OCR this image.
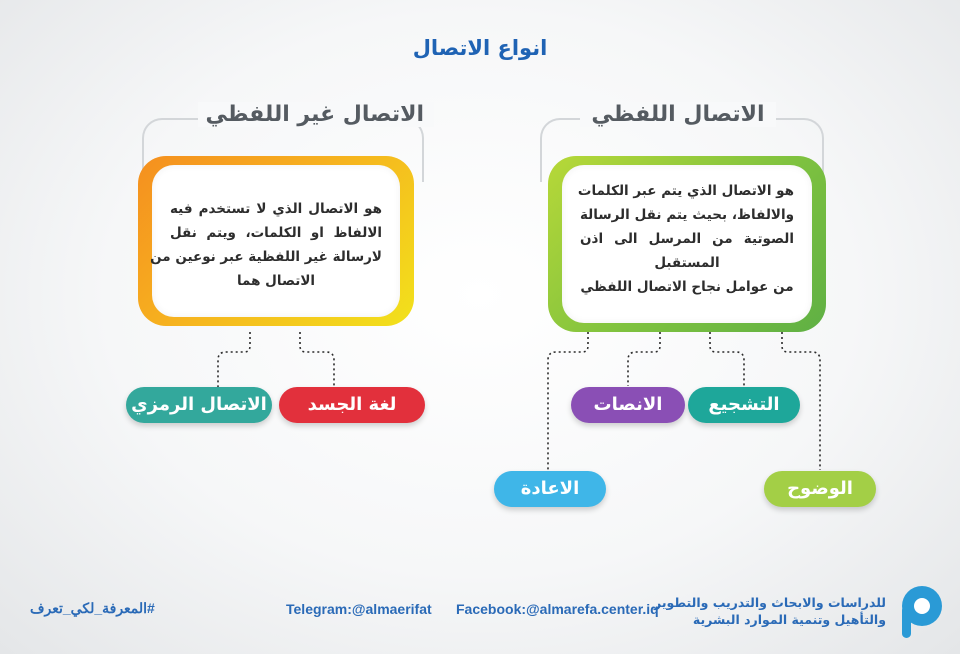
انواع الاتصال
الاتصال اللفظي
هو الاتصال الذي يتم عبر الكلمات
والالفاظ، بحيث يتم نقل الرسالة
الصوتية من المرسل الى اذن
المستقبل
من عوامل نجاح الاتصال اللفظي
الاتصال غير اللفظي
هو الاتصال الذي لا تستخدم فيه
الالفاظ او الكلمات، ويتم نقل
لارسالة غير اللفظية عبر نوعين من
الاتصال هما
التشجيع
الانصات
الوضوح
الاعادة
لغة الجسد
الاتصال الرمزي
#المعرفة_لكي_تعرف	Telegram:@almaerifat Facebook:@almarefa.center.iq
للدراسات والابحاث والتدريب والتطوير
والتأهيل وتنمية الموارد البشرية
